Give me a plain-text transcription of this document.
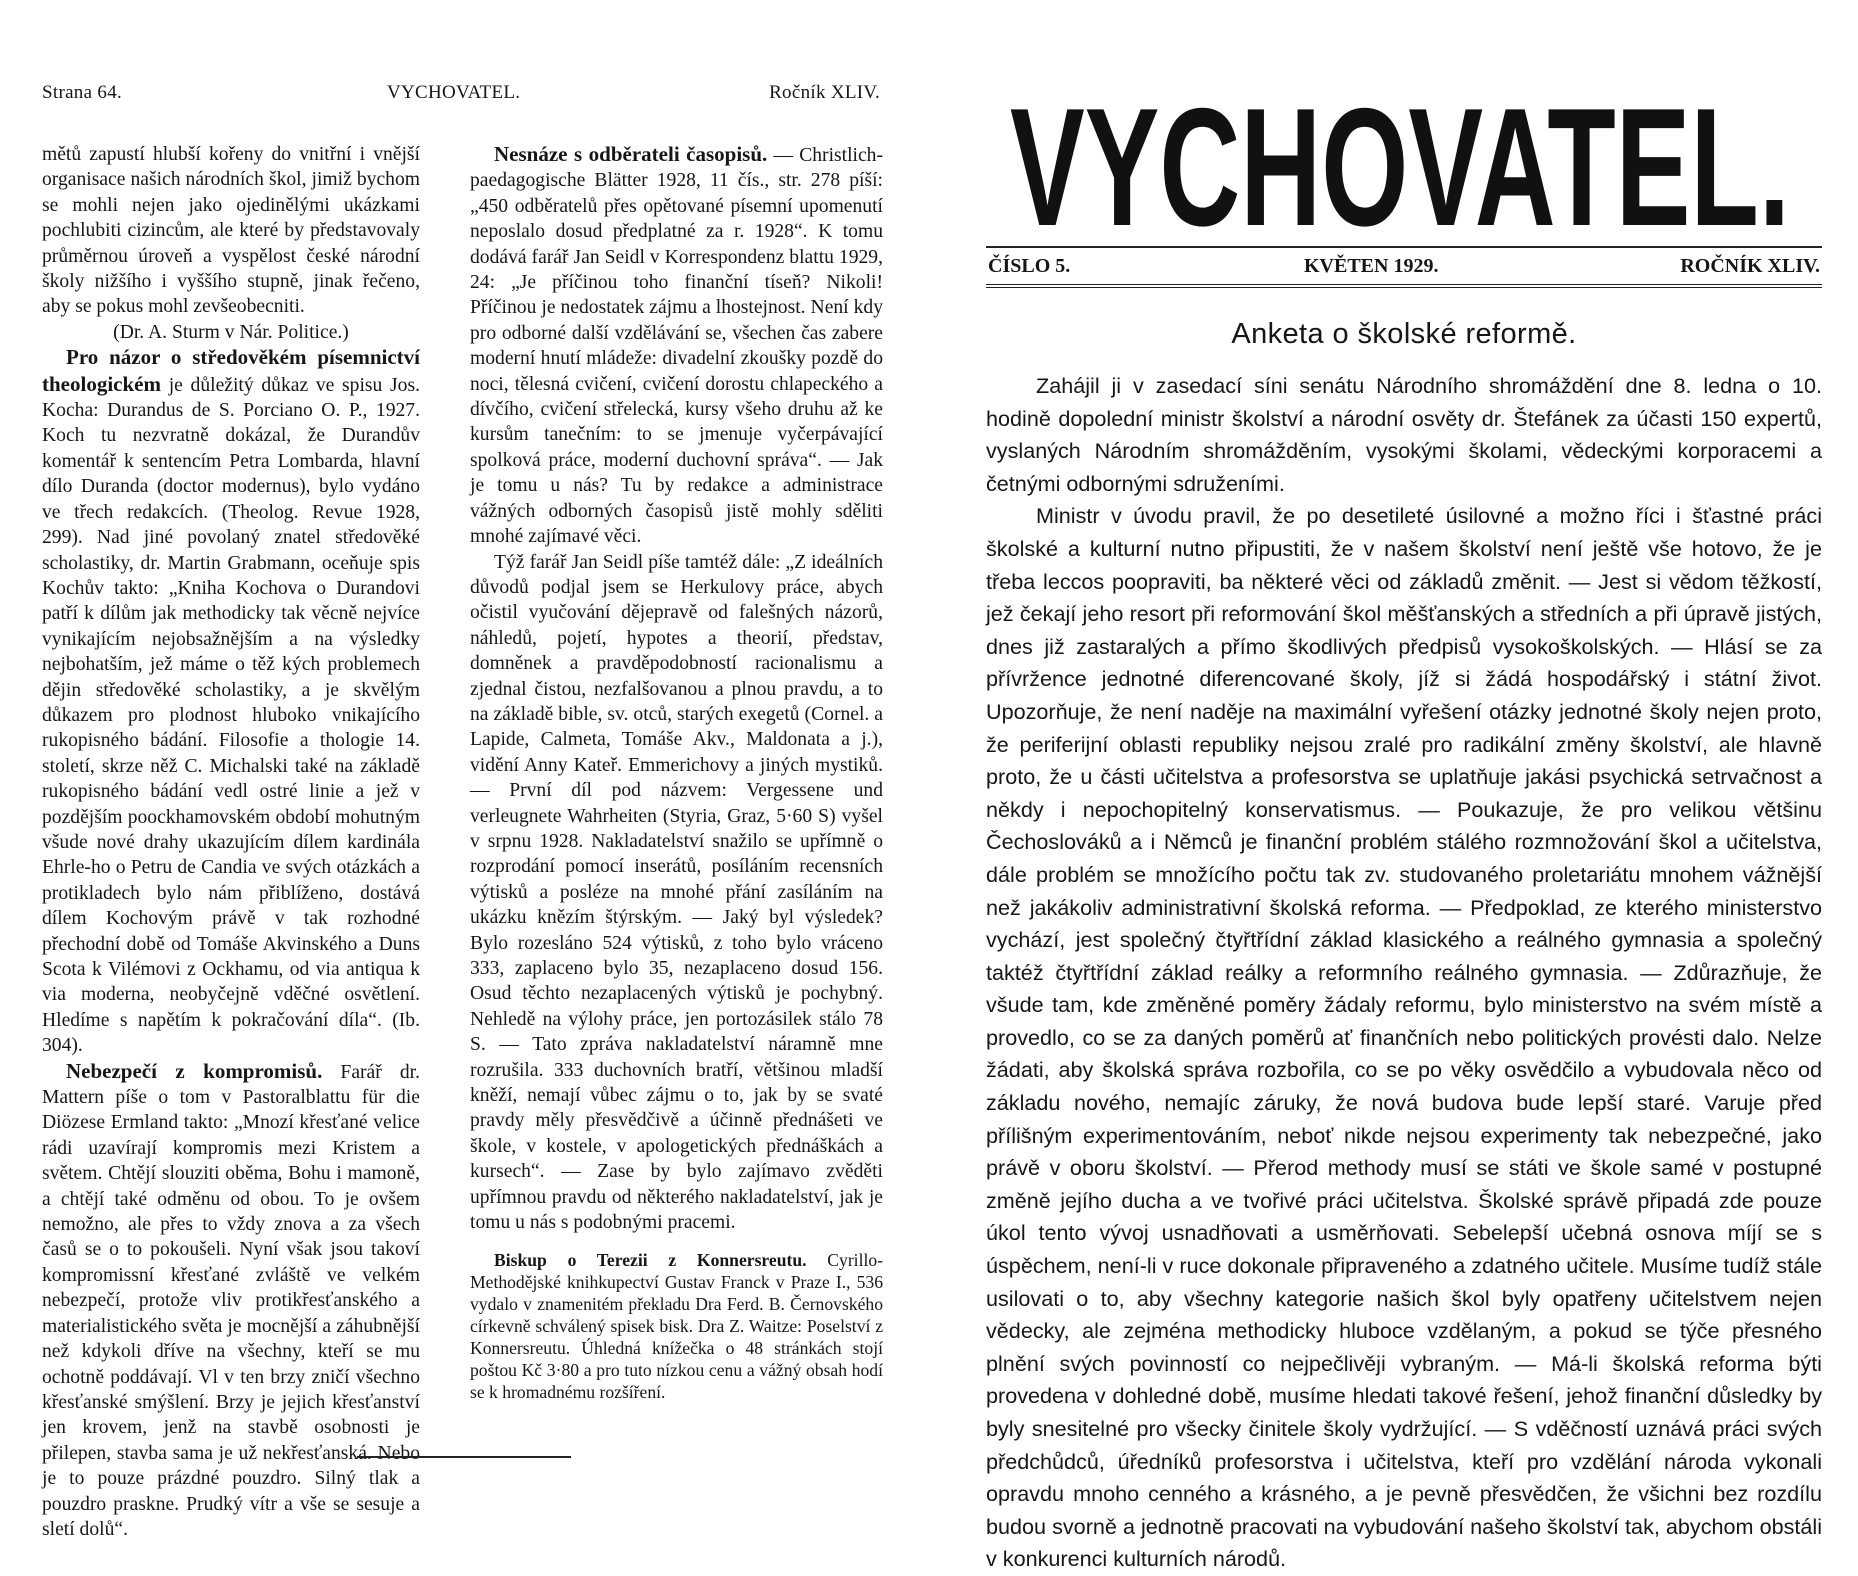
Strana 64.	VYCHOVATEL.	Ročník XLIV.

mětů zapustí hlubší kořeny do vnitřní i vnější organisace našich národních škol, jimiž bychom se mohli nejen jako ojedinělými ukázkami pochlubiti cizincům, ale které by představovaly průměrnou úroveň a vyspělost české národní školy nižšího i vyššího stupně, jinak řečeno, aby se pokus mohl zevšeobecniti.

(Dr. A. Sturm v Nár. Politice.)

Pro názor o středověkém písemnictví theologickém je důležitý důkaz ve spisu Jos. Kocha: Durandus de S. Porciano O. P., 1927. Koch tu nezvratně dokázal, že Durandův komentář k sentencím Petra Lombarda, hlavní dílo Duranda (doctor modernus), bylo vydáno ve třech redakcích. (Theolog. Revue 1928, 299). Nad jiné povolaný znatel středověké scholastiky, dr. Martin Grabmann, oceňuje spis Kochův takto: „Kniha Kochova o Durandovi patří k dílům jak methodicky tak věcně nejvíce vynikajícím nejobsažnějším a na výsledky nejbohatším, jež máme o těž kých problemech dějin středověké scholastiky, a je skvělým důkazem pro plodnost hluboko vnikajícího rukopisného bádání. Filosofie a thologie 14. století, skrze něž C. Michalski také na základě rukopisného bádání vedl ostré linie a jež v pozdějším poockhamovském období mohutným všude nové drahy ukazujícím dílem kardinála Ehrle-ho o Petru de Candia ve svých otázkách a protikladech bylo nám přiblíženo, dostává dílem Kochovým právě v tak rozhodné přechodní době od Tomáše Akvinského a Duns Scota k Vilémovi z Ockhamu, od via antiqua k via moderna, neobyčejně vděčné osvětlení. Hledíme s napětím k pokračování díla“. (Ib. 304).

Nebezpečí z kompromisů. Farář dr. Mattern píše o tom v Pastoralblattu für die Diözese Ermland takto: „Mnozí křesťané velice rádi uzavírají kompromis mezi Kristem a světem. Chtějí slouziti oběma, Bohu i mamoně, a chtějí také odměnu od obou. To je ovšem nemožno, ale přes to vždy znova a za všech časů se o to pokoušeli. Nyní však jsou takoví kompromissní křesťané zvláště ve velkém nebezpečí, protože vliv protikřesťanského a materialistického světa je mocnější a záhubnější než kdykoli dříve na všechny, kteří se mu ochotně poddávají. Vl v ten brzy zničí všechno křesťanské smýšlení. Brzy je jejich křesťanství jen krovem, jenž na stavbě osobnosti je přilepen, stavba sama je už nekřesťanská. Nebo je to pouze prázdné pouzdro. Silný tlak a pouzdro praskne. Prudký vítr a vše se sesuje a sletí dolů“.

Nesnáze s odběrateli časopisů. — Christlich-paedagogische Blätter 1928, 11 čís., str. 278 píší: „450 odběratelů přes opětované písemní upomenutí neposlalo dosud předplatné za r. 1928“. K tomu dodává farář Jan Seidl v Korrespondenz blattu 1929, 24: „Je příčinou toho finanční tíseň? Nikoli! Příčinou je nedostatek zájmu a lhostejnost. Není kdy pro odborné další vzdělávání se, všechen čas zabere moderní hnutí mládeže: divadelní zkoušky pozdě do noci, tělesná cvičení, cvičení dorostu chlapeckého a dívčího, cvičení střelecká, kursy všeho druhu až ke kursům tanečním: to se jmenuje vyčerpávající spolková práce, moderní duchovní správa“. — Jak je tomu u nás? Tu by redakce a administrace vážných odborných časopisů jistě mohly sděliti mnohé zajímavé věci.

Týž farář Jan Seidl píše tamtéž dále: „Z ideálních důvodů podjal jsem se Herkulovy práce, abych očistil vyučování dějepravě od falešných názorů, náhledů, pojetí, hypotes a theorií, představ, domněnek a pravděpodobností racionalismu a zjednal čistou, nezfalšovanou a plnou pravdu, a to na základě bible, sv. otců, starých exegetů (Cornel. a Lapide, Calmeta, Tomáše Akv., Maldonata a j.), vidění Anny Kateř. Emmerichovy a jiných mystiků. — První díl pod názvem: Vergessene und verleugnete Wahrheiten (Styria, Graz, 5·60 S) vyšel v srpnu 1928. Nakladatelství snažilo se upřímně o rozprodání pomocí inserátů, posíláním recensních výtisků a posléze na mnohé přání zasíláním na ukázku knězím štýrským. — Jaký byl výsledek? Bylo rozesláno 524 výtisků, z toho bylo vráceno 333, zaplaceno bylo 35, nezaplaceno dosud 156. Osud těchto nezaplacených výtisků je pochybný. Nehledě na výlohy práce, jen portozásilek stálo 78 S. — Tato zpráva nakladatelství náramně mne rozrušila. 333 duchovních bratří, většinou mladší kněží, nemají vůbec zájmu o to, jak by se svaté pravdy měly přesvědčivě a účinně přednášeti ve škole, v kostele, v apologetických přednáškách a kursech“. — Zase by bylo zajímavo zvěděti upřímnou pravdu od některého nakladatelství, jak je tomu u nás s podobnými pracemi.

Biskup o Terezii z Konnersreutu. Cyrillo-Methodějské knihkupectví Gustav Franck v Praze I., 536 vydalo v znamenitém překladu Dra Ferd. B. Černovského církevně schválený spisek bisk. Dra Z. Waitze: Poselství z Konnersreutu. Úhledná knížečka o 48 stránkách stojí poštou Kč 3·80 a pro tuto nízkou cenu a vážný obsah hodí se k hromadnému rozšíření.

VYCHOVATEL.
ČÍSLO 5.	KVĚTEN 1929.	ROČNÍK XLIV.
Anketa o školské reformě.

Zahájil ji v zasedací síni senátu Národního shromáždění dne 8. ledna o 10. hodině dopolední ministr školství a národní osvěty dr. Štefánek za účasti 150 expertů, vyslaných Národním shromážděním, vysokými školami, vědeckými korporacemi a četnými odbornými sdruženími.

Ministr v úvodu pravil, že po desetileté úsilovné a možno říci i šťastné práci školské a kulturní nutno připustiti, že v našem školství není ještě vše hotovo, že je třeba leccos poopraviti, ba některé věci od základů změnit. — Jest si vědom těžkostí, jež čekají jeho resort při reformování škol měšťanských a středních a při úpravě jistých, dnes již zastaralých a přímo škodlivých předpisů vysokoškolských. — Hlásí se za přívržence jednotné diferencované školy, jíž si žádá hospodářský i státní život. Upozorňuje, že není naděje na maximální vyřešení otázky jednotné školy nejen proto, že periferijní oblasti republiky nejsou zralé pro radikální změny školství, ale hlavně proto, že u části učitelstva a profesorstva se uplatňuje jakási psychická setrvačnost a někdy i nepochopitelný konservatismus. — Poukazuje, že pro velikou většinu Čechoslováků a i Němců je finanční problém stálého rozmnožování škol a učitelstva, dále problém se množícího počtu tak zv. studovaného proletariátu mnohem vážnější než jakákoliv administrativní školská reforma. — Předpoklad, ze kterého ministerstvo vychází, jest společný čtyřtřídní základ klasického a reálného gymnasia a společný taktéž čtyřtřídní základ reálky a reformního reálného gymnasia. — Zdůrazňuje, že všude tam, kde změněné poměry žádaly reformu, bylo ministerstvo na svém místě a provedlo, co se za daných poměrů ať finančních nebo politických provésti dalo. Nelze žádati, aby školská správa rozbořila, co se po věky osvědčilo a vybudovala něco od základu nového, nemajíc záruky, že nová budova bude lepší staré. Varuje před přílišným experimentováním, neboť nikde nejsou experimenty tak nebezpečné, jako právě v oboru školství. — Přerod methody musí se státi ve škole samé v postupné změně jejího ducha a ve tvořivé práci učitelstva. Školské správě připadá zde pouze úkol tento vývoj usnadňovati a usměrňovati. Sebelepší učebná osnova míjí se s úspěchem, není-li v ruce dokonale připraveného a zdatného učitele. Musíme tudíž stále usilovati o to, aby všechny kategorie našich škol byly opatřeny učitelstvem nejen vědecky, ale zejména methodicky hluboce vzdělaným, a pokud se týče přesného plnění svých povinností co nejpečlivěji vybraným. — Má-li školská reforma býti provedena v dohledné době, musíme hledati takové řešení, jehož finanční důsledky by byly snesitelné pro všecky činitele školy vydržující. — S vděčností uznává práci svých předchůdců, úředníků profesorstva i učitelstva, kteří pro vzdělání národa vykonali opravdu mnoho cenného a krásného, a je pevně přesvědčen, že všichni bez rozdílu budou svorně a jednotně pracovati na vybudování našeho školství tak, abychom obstáli v konkurenci kulturních národů.
